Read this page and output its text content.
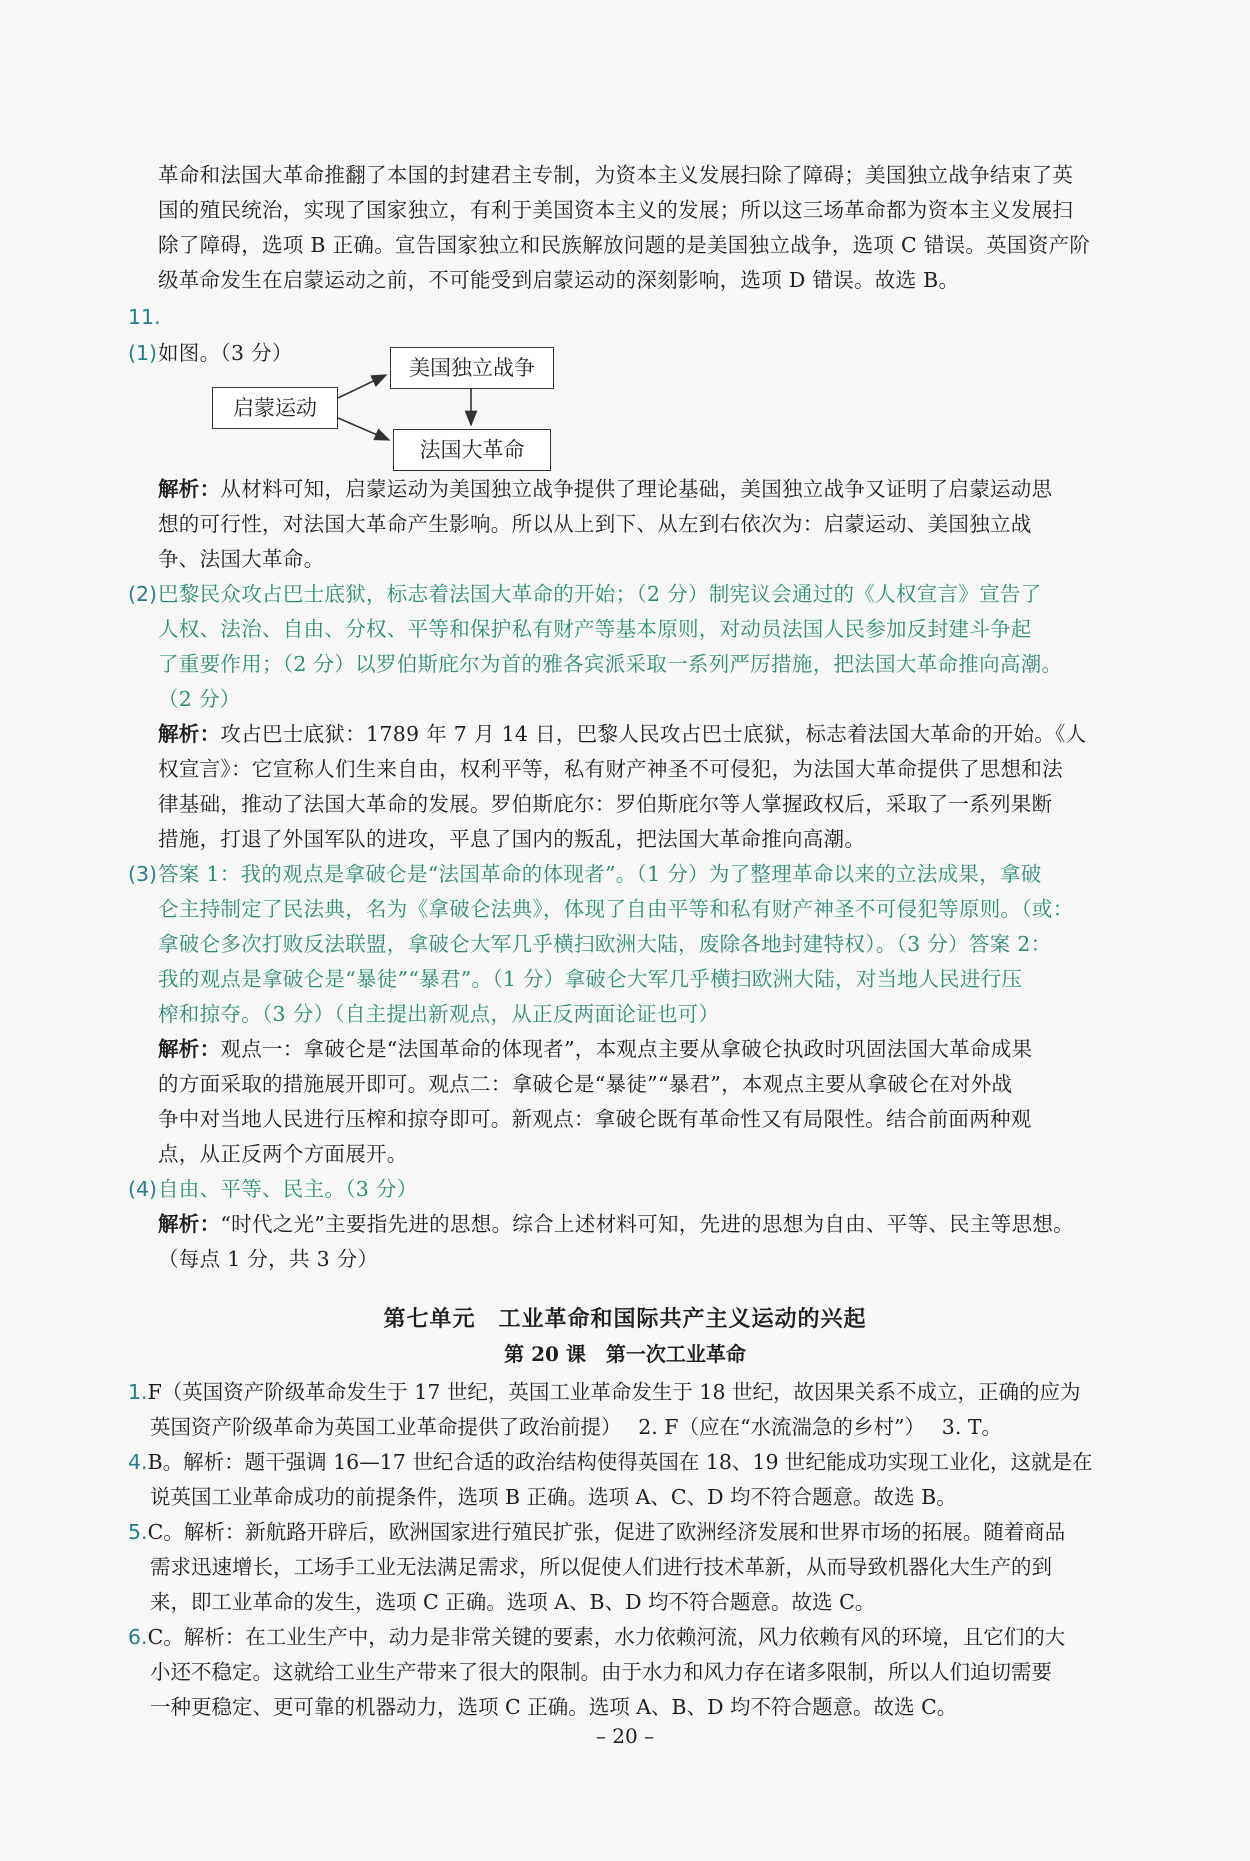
革命和法国大革命推翻了本国的封建君主专制，为资本主义发展扫除了障碍；美国独立战争结束了英

国的殖民统治，实现了国家独立，有利于美国资本主义的发展；所以这三场革命都为资本主义发展扫

除了障碍，选项 B 正确。宣告国家独立和民族解放问题的是美国独立战争，选项 C 错误。英国资产阶

级革命发生在启蒙运动之前，不可能受到启蒙运动的深刻影响，选项 D 错误。故选 B。

11.
(1) 如图。（3 分）
启蒙运动
美国独立战争
法国大革命

解析：从材料可知，启蒙运动为美国独立战争提供了理论基础，美国独立战争又证明了启蒙运动思

想的可行性，对法国大革命产生影响。所以从上到下、从左到右依次为：启蒙运动、美国独立战

争、法国大革命。

(2) 巴黎民众攻占巴士底狱，标志着法国大革命的开始；（2 分）制宪议会通过的《人权宣言》宣告了

人权、法治、自由、分权、平等和保护私有财产等基本原则，对动员法国人民参加反封建斗争起

了重要作用；（2 分）以罗伯斯庇尔为首的雅各宾派采取一系列严厉措施，把法国大革命推向高潮。

（2 分）

解析：攻占巴士底狱：1789 年 7 月 14 日，巴黎人民攻占巴士底狱，标志着法国大革命的开始。《人

权宣言》：它宣称人们生来自由，权利平等，私有财产神圣不可侵犯，为法国大革命提供了思想和法

律基础，推动了法国大革命的发展。罗伯斯庇尔：罗伯斯庇尔等人掌握政权后，采取了一系列果断

措施，打退了外国军队的进攻，平息了国内的叛乱，把法国大革命推向高潮。

(3) 答案 1：我的观点是拿破仑是“法国革命的体现者”。（1 分）为了整理革命以来的立法成果，拿破

仑主持制定了民法典，名为《拿破仑法典》，体现了自由平等和私有财产神圣不可侵犯等原则。（或：

拿破仑多次打败反法联盟，拿破仑大军几乎横扫欧洲大陆，废除各地封建特权）。（3 分）答案 2：

我的观点是拿破仑是“暴徒”“暴君”。（1 分）拿破仑大军几乎横扫欧洲大陆，对当地人民进行压

榨和掠夺。（3 分）（自主提出新观点，从正反两面论证也可）

解析：观点一：拿破仑是“法国革命的体现者”，本观点主要从拿破仑执政时巩固法国大革命成果

的方面采取的措施展开即可。观点二：拿破仑是“暴徒”“暴君”，本观点主要从拿破仑在对外战

争中对当地人民进行压榨和掠夺即可。新观点：拿破仑既有革命性又有局限性。结合前面两种观

点，从正反两个方面展开。

(4) 自由、平等、民主。（3 分）

解析：“时代之光”主要指先进的思想。综合上述材料可知，先进的思想为自由、平等、民主等思想。

（每点 1 分，共 3 分）

第七单元　工业革命和国际共产主义运动的兴起
第 20 课　第一次工业革命

1.F（英国资产阶级革命发生于 17 世纪，英国工业革命发生于 18 世纪，故因果关系不成立，正确的应为

英国资产阶级革命为英国工业革命提供了政治前提）　 2. F（应在“水流湍急的乡村”）　 3. T。

4.B。解析：题干强调 16—17 世纪合适的政治结构使得英国在 18、19 世纪能成功实现工业化，这就是在

说英国工业革命成功的前提条件，选项 B 正确。选项 A、C、D 均不符合题意。故选 B。

5.C。解析：新航路开辟后，欧洲国家进行殖民扩张，促进了欧洲经济发展和世界市场的拓展。随着商品

需求迅速增长，工场手工业无法满足需求，所以促使人们进行技术革新，从而导致机器化大生产的到

来，即工业革命的发生，选项 C 正确。选项 A、B、D 均不符合题意。故选 C。

6.C。解析：在工业生产中，动力是非常关键的要素，水力依赖河流，风力依赖有风的环境，且它们的大

小还不稳定。这就给工业生产带来了很大的限制。由于水力和风力存在诸多限制，所以人们迫切需要

一种更稳定、更可靠的机器动力，选项 C 正确。选项 A、B、D 均不符合题意。故选 C。

– 20 –
